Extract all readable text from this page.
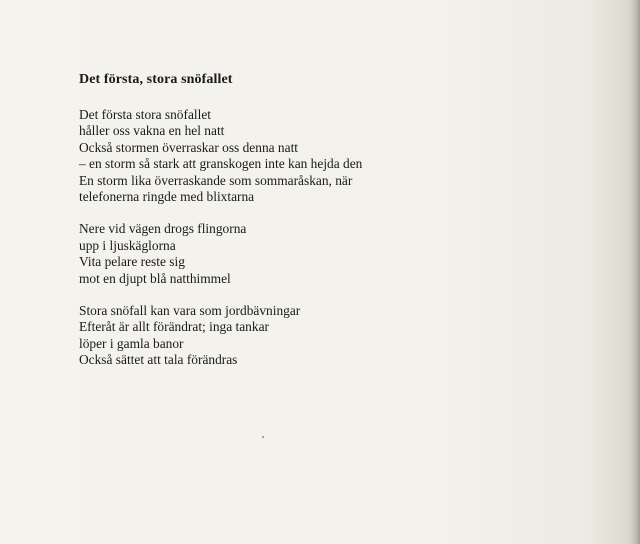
Det första, stora snöfallet
Det första stora snöfallet
håller oss vakna en hel natt
Också stormen överraskar oss denna natt
– en storm så stark att granskogen inte kan hejda den
En storm lika överraskande som sommaråskan, när
telefonerna ringde med blixtarna
Nere vid vägen drogs flingorna
upp i ljuskäglorna
Vita pelare reste sig
mot en djupt blå natthimmel
Stora snöfall kan vara som jordbävningar
Efteråt är allt förändrat; inga tankar
löper i gamla banor
Också sättet att tala förändras
